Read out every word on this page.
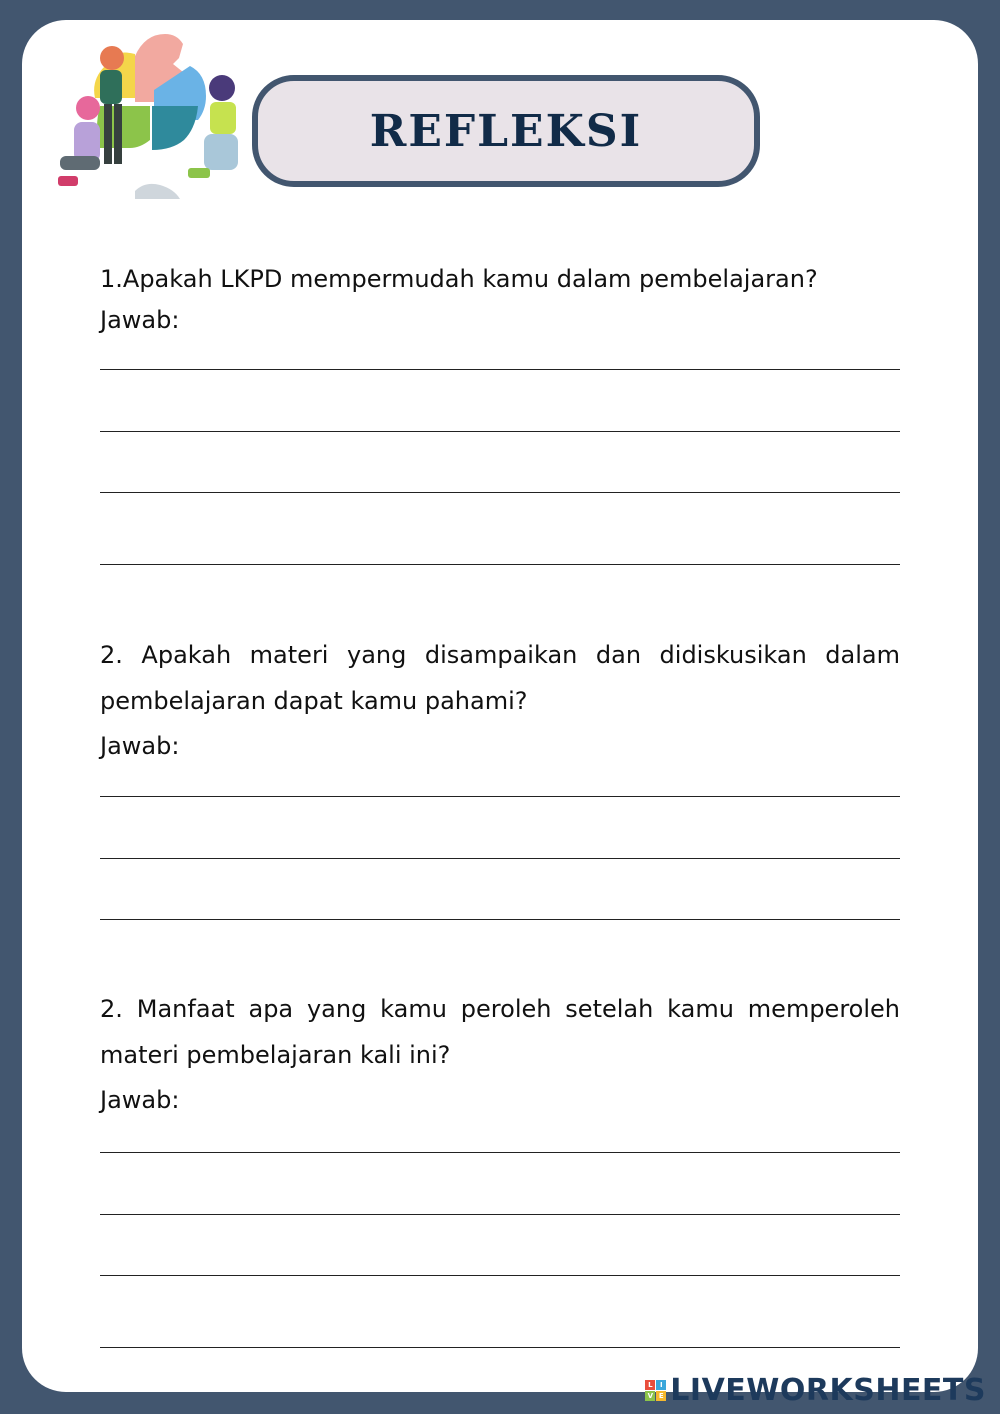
REFLEKSI

1.Apakah LKPD mempermudah kamu dalam pembelajaran?

Jawab:

2. Apakah materi yang disampaikan dan didiskusikan dalam
pembelajaran dapat kamu pahami?

Jawab:

2. Manfaat apa yang kamu peroleh setelah kamu memperoleh
materi pembelajaran kali ini?

Jawab:
L	I
V E LIVEWORKSHEETS
